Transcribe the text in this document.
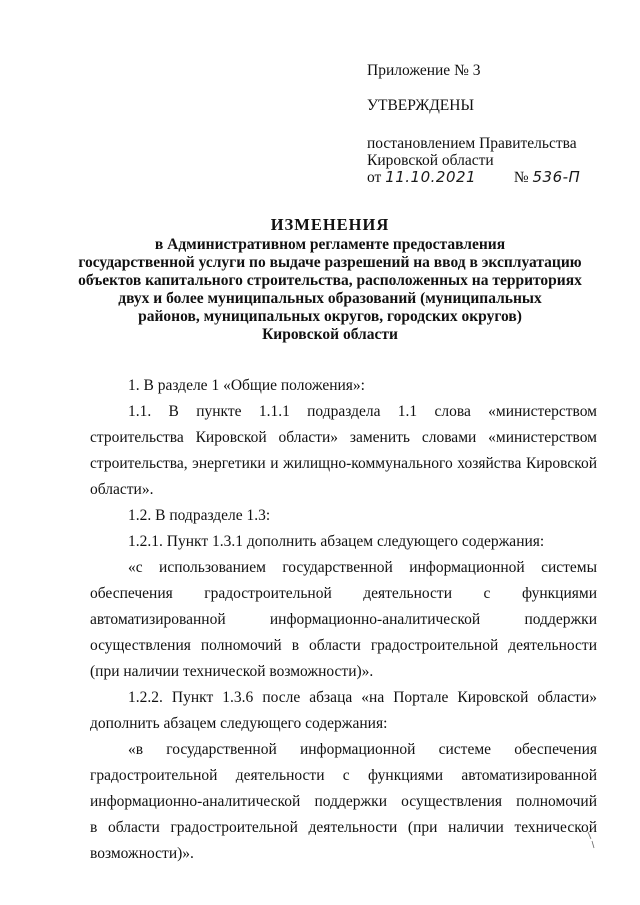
Приложение № 3
УТВЕРЖДЕНЫ
постановлением Правительства
Кировской области
от 11.10.2021 № 536-П
ИЗМЕНЕНИЯ
в Административном регламенте предоставления
государственной услуги по выдаче разрешений на ввод в эксплуатацию
объектов капитального строительства, расположенных на территориях
двух и более муниципальных образований (муниципальных
районов, муниципальных округов, городских округов)
Кировской области
1. В разделе 1 «Общие положения»:
1.1. В пункте 1.1.1 подраздела 1.1 слова «министерством строительства Кировской области» заменить словами «министерством строительства, энергетики и жилищно-коммунального хозяйства Кировской области».
1.2. В подразделе 1.3:
1.2.1. Пункт 1.3.1 дополнить абзацем следующего содержания:
«с использованием государственной информационной системы
обеспечения градостроительной деятельности с функциями
автоматизированной информационно-аналитической поддержки
осуществления полномочий в области градостроительной деятельности
(при наличии технической возможности)».
1.2.2. Пункт 1.3.6 после абзаца «на Портале Кировской области» дополнить абзацем следующего содержания:
«в государственной информационной системе обеспечения
градостроительной деятельности с функциями автоматизированной
информационно-аналитической поддержки осуществления полномочий
в области градостроительной деятельности (при наличии технической
возможности)».
